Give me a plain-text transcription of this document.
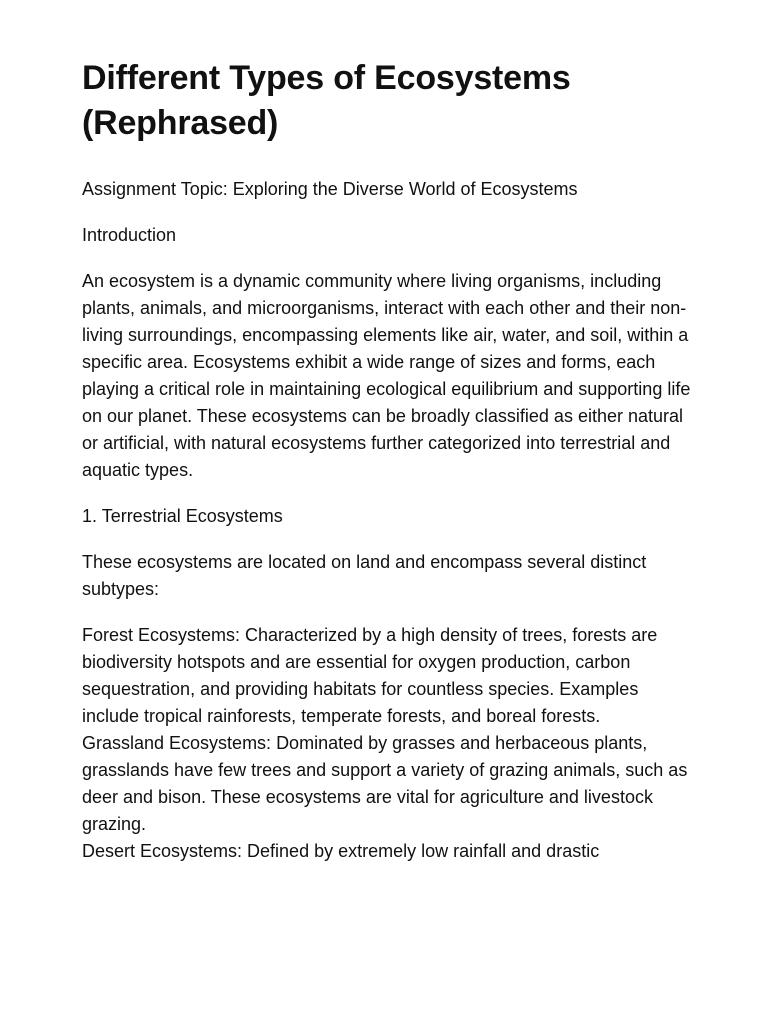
Different Types of Ecosystems (Rephrased)

Assignment Topic: Exploring the Diverse World of Ecosystems

Introduction

An ecosystem is a dynamic community where living organisms, including plants, animals, and microorganisms, interact with each other and their non-living surroundings, encompassing elements like air, water, and soil, within a specific area. Ecosystems exhibit a wide range of sizes and forms, each playing a critical role in maintaining ecological equilibrium and supporting life on our planet. These ecosystems can be broadly classified as either natural or artificial, with natural ecosystems further categorized into terrestrial and aquatic types.

1. Terrestrial Ecosystems

These ecosystems are located on land and encompass several distinct subtypes:

Forest Ecosystems: Characterized by a high density of trees, forests are biodiversity hotspots and are essential for oxygen production, carbon sequestration, and providing habitats for countless species. Examples include tropical rainforests, temperate forests, and boreal forests.

Grassland Ecosystems: Dominated by grasses and herbaceous plants, grasslands have few trees and support a variety of grazing animals, such as deer and bison. These ecosystems are vital for agriculture and livestock grazing.

Desert Ecosystems: Defined by extremely low rainfall and drastic
